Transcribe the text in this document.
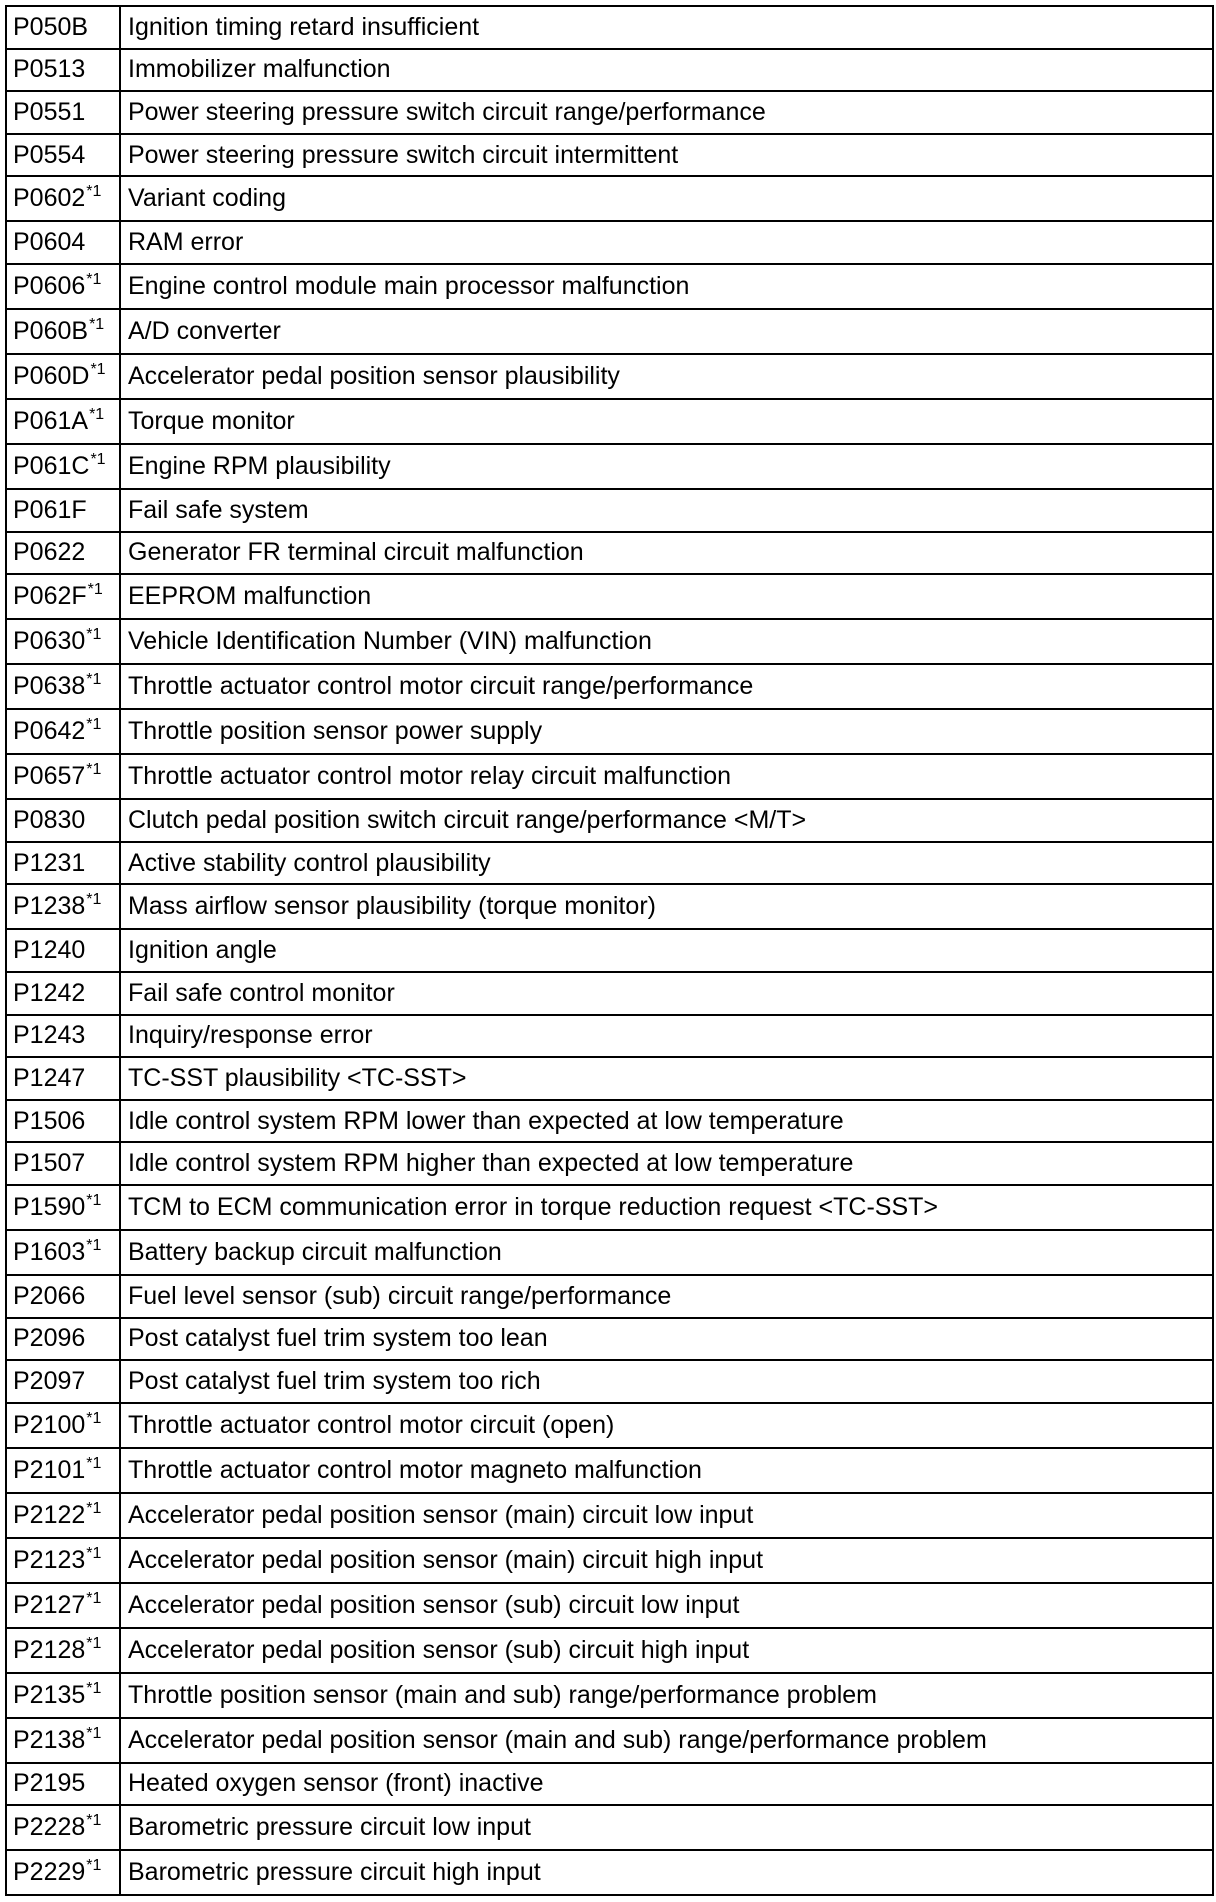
P050B	Ignition timing retard insufficient
P0513	Immobilizer malfunction
P0551	Power steering pressure switch circuit range/performance
P0554	Power steering pressure switch circuit intermittent
P0602$^{*1}$	Variant coding
P0604	RAM error
P0606$^{*1}$	Engine control module main processor malfunction
P060B$^{*1}$	A/D converter
P060D$^{*1}$	Accelerator pedal position sensor plausibility
P061A$^{*1}$	Torque monitor
P061C$^{*1}$	Engine RPM plausibility
P061F	Fail safe system
P0622	Generator FR terminal circuit malfunction
P062F$^{*1}$	EEPROM malfunction
P0630$^{*1}$	Vehicle Identification Number (VIN) malfunction
P0638$^{*1}$	Throttle actuator control motor circuit range/performance
P0642$^{*1}$	Throttle position sensor power supply
P0657$^{*1}$	Throttle actuator control motor relay circuit malfunction
P0830	Clutch pedal position switch circuit range/performance <M/T>
P1231	Active stability control plausibility
P1238$^{*1}$	Mass airflow sensor plausibility (torque monitor)
P1240	Ignition angle
P1242	Fail safe control monitor
P1243	Inquiry/response error
P1247	TC-SST plausibility <TC-SST>
P1506	Idle control system RPM lower than expected at low temperature
P1507	Idle control system RPM higher than expected at low temperature
P1590$^{*1}$	TCM to ECM communication error in torque reduction request <TC-SST>
P1603$^{*1}$	Battery backup circuit malfunction
P2066	Fuel level sensor (sub) circuit range/performance
P2096	Post catalyst fuel trim system too lean
P2097	Post catalyst fuel trim system too rich
P2100$^{*1}$	Throttle actuator control motor circuit (open)
P2101$^{*1}$	Throttle actuator control motor magneto malfunction
P2122$^{*1}$	Accelerator pedal position sensor (main) circuit low input
P2123$^{*1}$	Accelerator pedal position sensor (main) circuit high input
P2127$^{*1}$	Accelerator pedal position sensor (sub) circuit low input
P2128$^{*1}$	Accelerator pedal position sensor (sub) circuit high input
P2135$^{*1}$	Throttle position sensor (main and sub) range/performance problem
P2138$^{*1}$	Accelerator pedal position sensor (main and sub) range/performance problem
P2195	Heated oxygen sensor (front) inactive
P2228$^{*1}$	Barometric pressure circuit low input
P2229$^{*1}$	Barometric pressure circuit high input
